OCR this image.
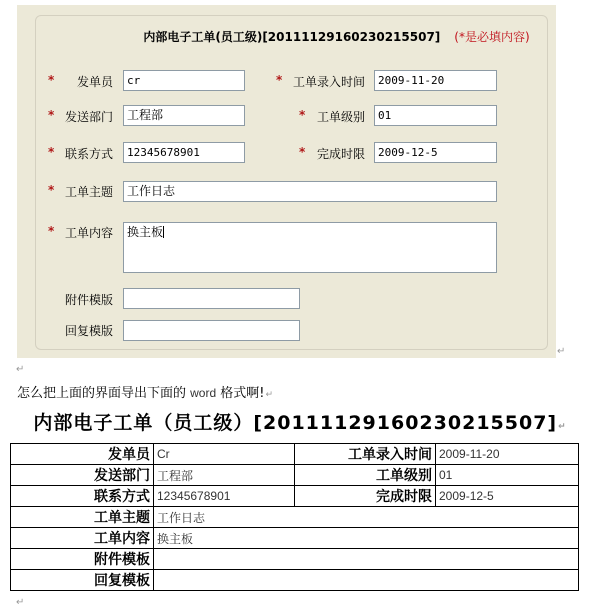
内部电子工单(员工级)[20111129160230215507] (*是必填内容)
* 发单员	cr	* 工单录入时间	2009-11-20
* 发送部门	工程部	* 工单级别	01
* 联系方式	12345678901	* 完成时限	2009-12-5
* 工单主题	工作日志
* 工单内容	换主板
附件模版
回复模版
↵
↵
怎么把上面的界面导出下面的 word 格式啊!↵
内部电子工单（员工级）[20111129160230215507]↵
发单员	Cr	工单录入时间	2009-11-20
发送部门	工程部	工单级别	01
联系方式	12345678901	完成时限	2009-12-5
工单主题	工作日志		
工单内容	换主板		
附件模板			
回复模板			
↵
